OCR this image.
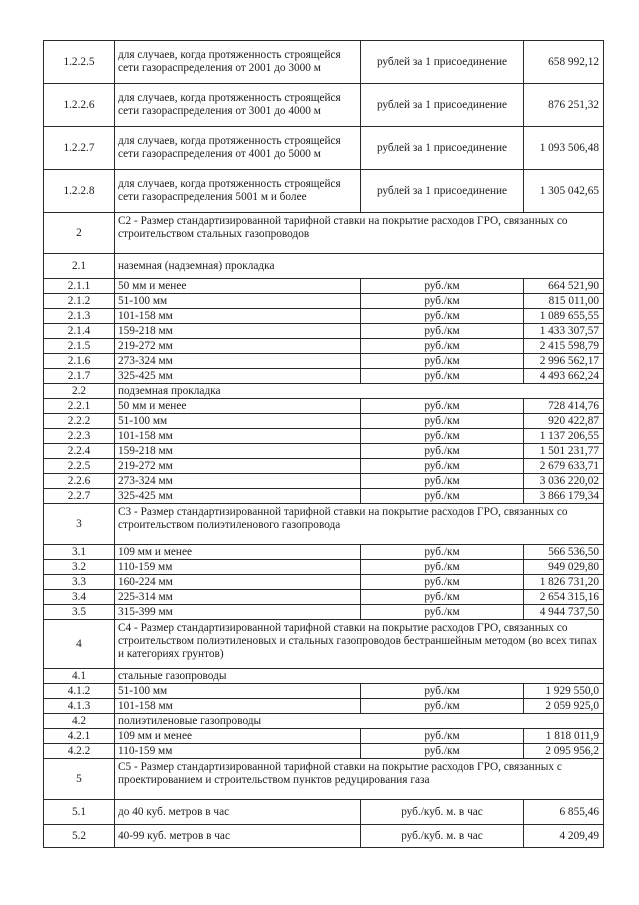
1.2.2.5	для случаев, когда протяженность строящейся сети газораспределения от 2001 до 3000 м	рублей за 1 присоединение	658 992,12
1.2.2.6	для случаев, когда протяженность строящейся сети газораспределения от 3001 до 4000 м	рублей за 1 присоединение	876 251,32
1.2.2.7	для случаев, когда протяженность строящейся сети газораспределения от 4001 до 5000 м	рублей за 1 присоединение	1 093 506,48
1.2.2.8	для случаев, когда протяженность строящейся сети газораспределения 5001 м и более	рублей за 1 присоединение	1 305 042,65
2	С2 - Размер стандартизированной тарифной ставки на покрытие расходов ГРО, связанных со строительством стальных газопроводов		
2.1	наземная (надземная) прокладка		
2.1.1	50 мм и менее	руб./км	664 521,90
2.1.2	51-100 мм	руб./км	815 011,00
2.1.3	101-158 мм	руб./км	1 089 655,55
2.1.4	159-218 мм	руб./км	1 433 307,57
2.1.5	219-272 мм	руб./км	2 415 598,79
2.1.6	273-324 мм	руб./км	2 996 562,17
2.1.7	325-425 мм	руб./км	4 493 662,24
2.2	подземная прокладка		
2.2.1	50 мм и менее	руб./км	728 414,76
2.2.2	51-100 мм	руб./км	920 422,87
2.2.3	101-158 мм	руб./км	1 137 206,55
2.2.4	159-218 мм	руб./км	1 501 231,77
2.2.5	219-272 мм	руб./км	2 679 633,71
2.2.6	273-324 мм	руб./км	3 036 220,02
2.2.7	325-425 мм	руб./км	3 866 179,34
3	С3 - Размер стандартизированной тарифной ставки на покрытие расходов ГРО, связанных со строительством полиэтиленового газопровода		
3.1	109 мм и менее	руб./км	566 536,50
3.2	110-159 мм	руб./км	949 029,80
3.3	160-224 мм	руб./км	1 826 731,20
3.4	225-314 мм	руб./км	2 654 315,16
3.5	315-399 мм	руб./км	4 944 737,50
4	С4 - Размер стандартизированной тарифной ставки на покрытие расходов ГРО, связанных со строительством полиэтиленовых и стальных газопроводов бестраншейным методом (во всех типах и категориях грунтов)		
4.1	стальные газопроводы		
4.1.2	51-100 мм	руб./км	1 929 550,0
4.1.3	101-158 мм	руб./км	2 059 925,0
4.2	полиэтиленовые газопроводы		
4.2.1	109 мм и менее	руб./км	1 818 011,9
4.2.2	110-159 мм	руб./км	2 095 956,2
5	С5 - Размер стандартизированной тарифной ставки на покрытие расходов ГРО, связанных с проектированием и строительством пунктов редуцирования газа		
5.1	до 40 куб. метров в час	руб./куб. м. в час	6 855,46
5.2	40-99 куб. метров в час	руб./куб. м. в час	4 209,49
